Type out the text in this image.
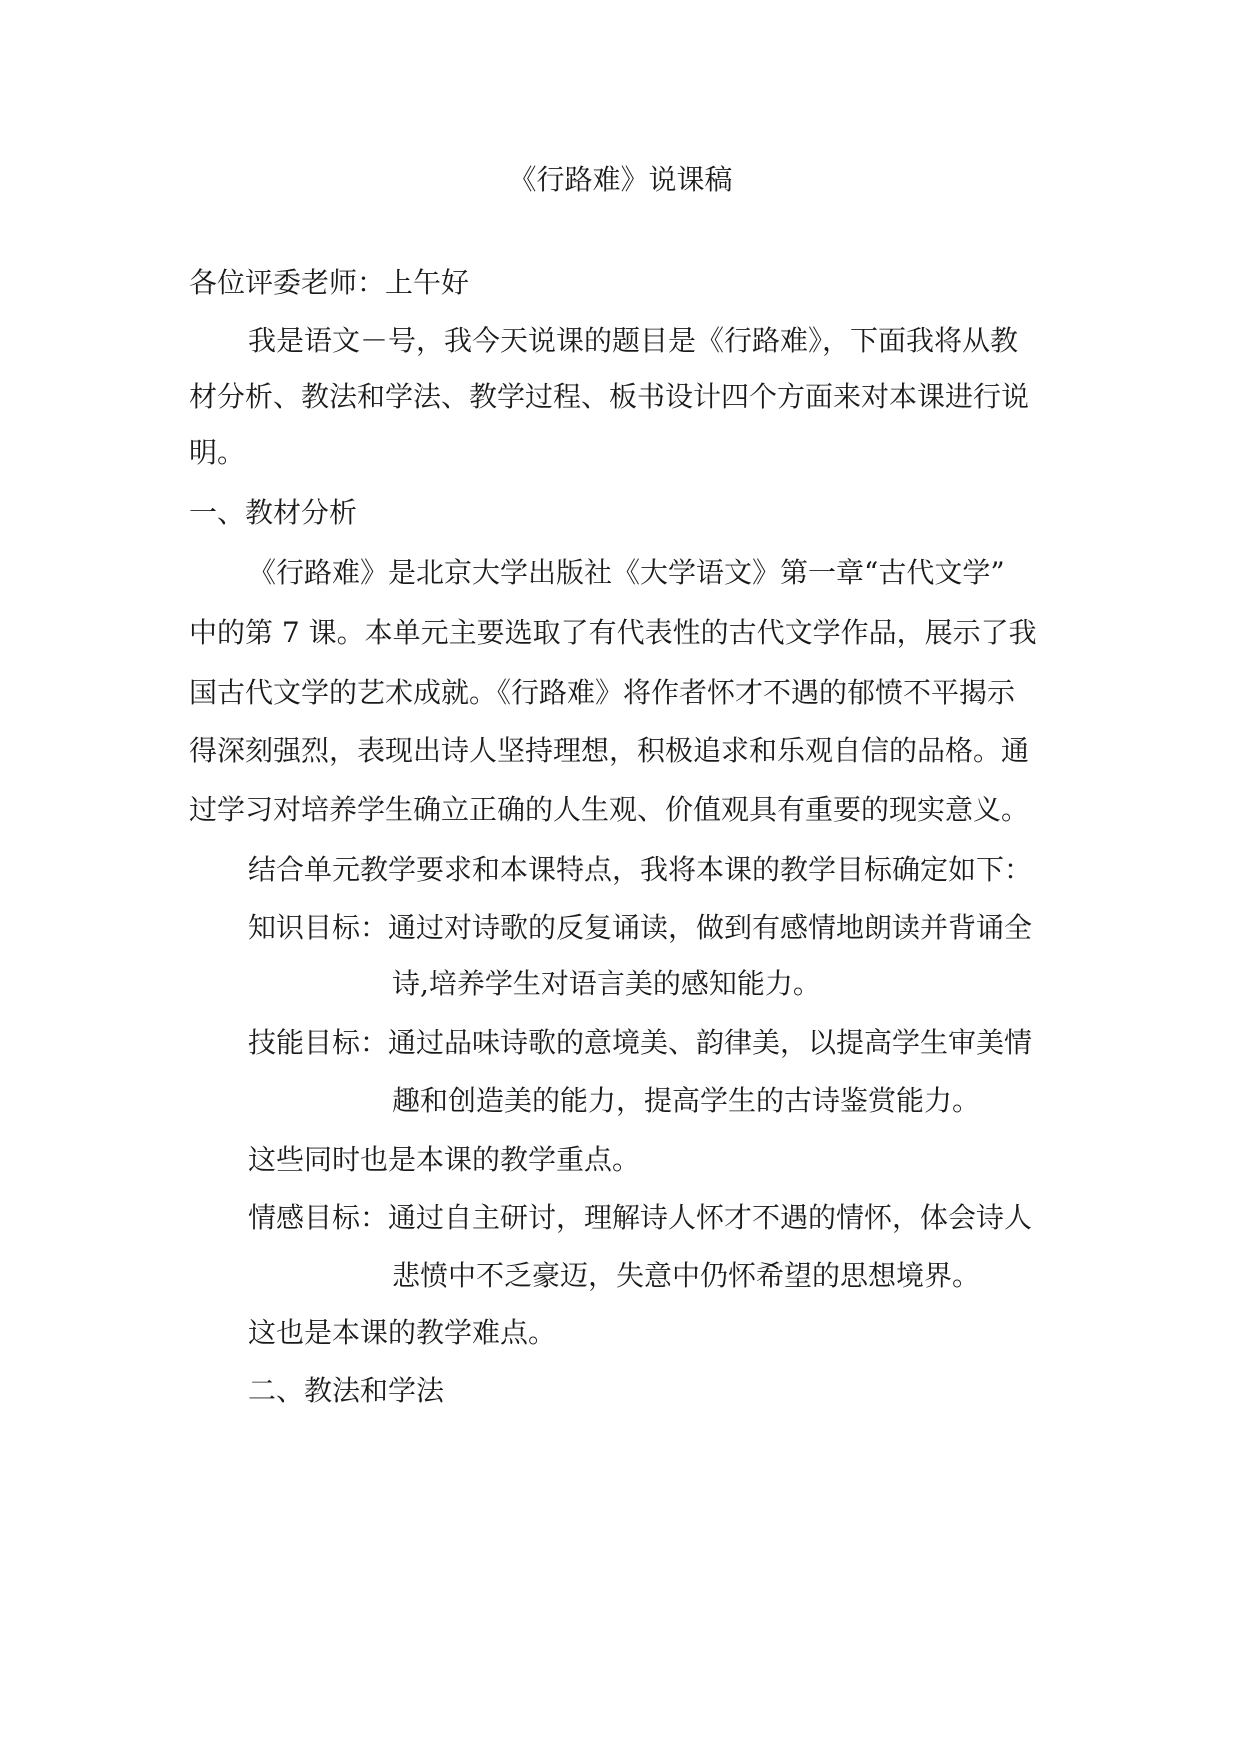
《行路难》说课稿
各位评委老师：上午好
我是语文－号，我今天说课的题目是《行路难》，下面我将从教
材分析、教法和学法、教学过程、板书设计四个方面来对本课进行说
明。
一、教材分析
《行路难》是北京大学出版社《大学语文》第一章“古代文学”
中的第 7 课。本单元主要选取了有代表性的古代文学作品，展示了我
国古代文学的艺术成就。《行路难》将作者怀才不遇的郁愤不平揭示
得深刻强烈，表现出诗人坚持理想，积极追求和乐观自信的品格。通
过学习对培养学生确立正确的人生观、价值观具有重要的现实意义。
结合单元教学要求和本课特点，我将本课的教学目标确定如下：
知识目标：通过对诗歌的反复诵读，做到有感情地朗读并背诵全
诗,培养学生对语言美的感知能力。
技能目标：通过品味诗歌的意境美、韵律美，以提高学生审美情
趣和创造美的能力，提高学生的古诗鉴赏能力。
这些同时也是本课的教学重点。
情感目标：通过自主研讨，理解诗人怀才不遇的情怀，体会诗人
悲愤中不乏豪迈，失意中仍怀希望的思想境界。
这也是本课的教学难点。
二、教法和学法
